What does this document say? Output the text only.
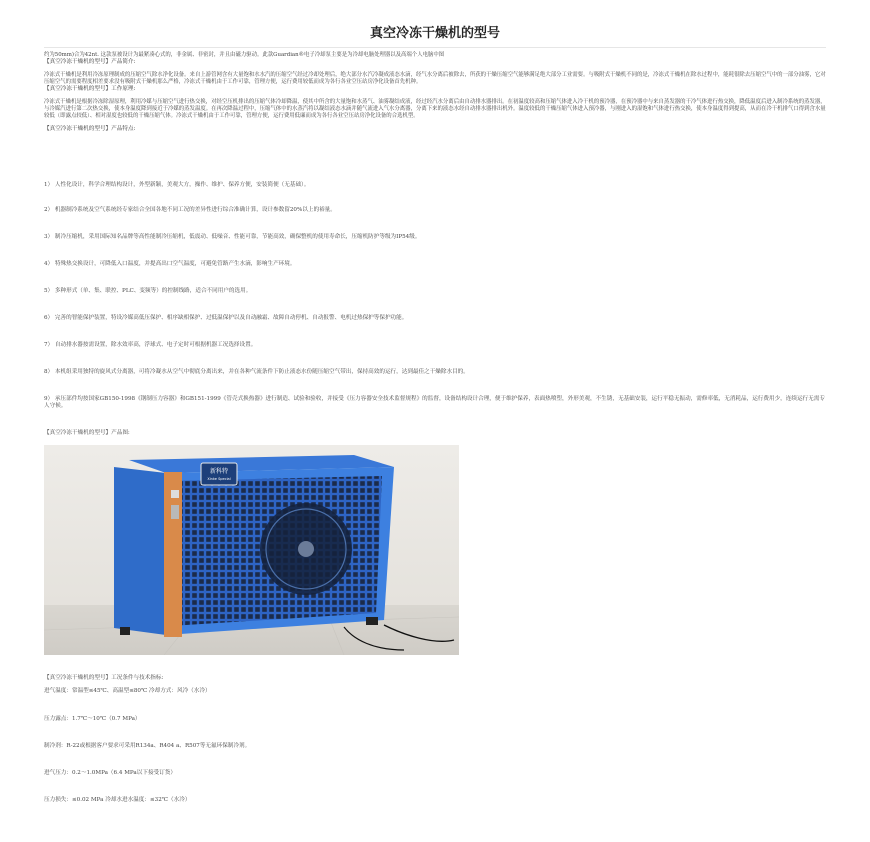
真空冷冻干燥机的型号

约为50mm)合为42nt. 这款泵被设计为最紧凑心式的，非金属、非密封，并且由磁力驱动。此款Guardian®电子冷却泵主要是为冷却电脑处理器以及高端个人电脑中图

【真空冷冻干燥机的型号】产品简介:

冷冻式干燥机是利用冷冻原理制成的压缩空气除水净化设备。来自上游管网含有大量饱和水水汽的压缩空气经过冷却处理后，绝大部分水汽冷凝成液态水滴，经气水分离后被除去，所获的干燥压缩空气能够满足绝大部分工业需要。与吸附式干燥机不同的是，冷冻式干燥机在除水过程中，能耗很除去压缩空气中的一部分油雾，它对压缩空气的需要程度相差要求没有吸附式干燥机那么严格，冷冻式干燥机由于工作可靠，管理方便，运行费用较低而成为各行各业空压站房净化设备首先机种。

【真空冷冻干燥机的型号】工作原理:

冷冻式干燥机是根据冷冻除湿原理，利用冷媒与压缩空气进行热交换，对经空压机排出的压缩气体冷却降温，使其中所含的大量饱和水蒸气、油雾凝结成液，经过经汽水分离后由自动排水器排出。在初温度较高和压缩气体进入冷干机的预冷器，在预冷器中与来自蒸发器的干冷气体进行热交换，降低温度后进入制冷系统的蒸发器，与冷媒汽进行第二次热交换，使本身温度降到接近于冷媒的蒸发温度。在再次降温过程中，压缩气体中的水蒸汽将以凝结液态水滴并随气流进入气水分离器，分离下来的液态水经自动排水器排出机外。温度较低的干燥压缩气体进入预冷器，与刚进入的湿饱和气体进行热交换，使本身温度得到提高，从而在冷干机排气口得到含水量较低（即露点较低）、相对湿度也较低的干燥压缩气体。冷冻式干燥机由于工作可靠，管理方便，运行费用低廉而成为各行各业空压站房净化设备的合选机型。

【真空冷冻干燥机的型号】产品特点:

1） 人性化设计，科学合理结构设计，外型新颖，美观大方，操作、维护、保养方便，安装简便（无基础）。

2） 机器制冷系统及空气系统经专家结合全国各地不同工况的差异性进行综合准确计算，设计参数留20%以上的裕量。

3） 制冷压缩机，采用国际知名品牌等高性能制冷压缩机，低震动、低噪音、性能可靠，节能高效，确保整机的使用寿命长，压缩机防护等级为IP54级。

4） 特殊热交换设计，可降低入口温度，并提高出口空气温度，可避免管路产生水滴，影响生产环境。

5） 多种形式（单、集、联控、PLC、变频等）的控制线路，适合不同用户的选用。

6） 完善的智能保护装置，特设冷媒高低压保护、相序缺相保护、过低温保护以及自动融霜、故障自动停机、自动报警、电机过热保护等保护功能。

7） 自动排水器按需设置，除水效率高，浮球式、电子定时可根据机器工况选择设置。

8） 本机组采用独特的旋风式分离器，可将冷凝水从空气中彻底分离出来，并在各种气流条件下防止液态水份随压缩空气带出，保持高效的运行，达到最佳之干燥除水目的。

9） 承压部件均按国家GB150-1998《钢制压力容器》和GB151-1999《管壳式换热器》进行制造、试验和验收，并接受《压力容器安全技术监督规程》的监督，设备结构设计合理，便于维护保养，表面热喷塑，外形美观，不生锈，无基础安装，运行平稳无振动，需修率低，无消耗品，运行费用少，连续运行无需专人守候。

【真空冷冻干燥机的型号】产品图:

新科特
Xinke Special

【真空冷冻干燥机的型号】工况条件与技术指标:

进气温度：常温型≤45℃、高温型≤80℃ 冷却方式：风冷（水冷）

压力露点：1.7℃～10℃（0.7 MPa）

制冷剂：R-22或根据客户要求可采用R134a、R404 a、R507等无氟环保制冷剂。

进气压力：0.2～1.0MPa（6.4 MPa以下接受订货）

压力损失：≤0.02 MPa 冷却水进水温度：≤32℃（水冷）
